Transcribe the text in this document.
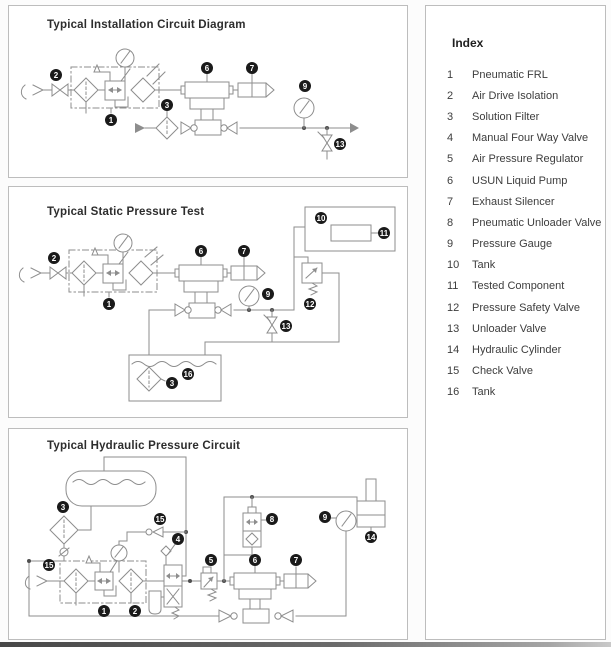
Typical Installation Circuit Diagram
2
1
3
6	7
9
13
Typical Static Pressure Test
2
1
6	7
9
10
11
12
13
16
3
Typical Hydraulic Pressure Circuit
3
15
15
4
1	2
5	6	7
8	9
14
Index
1	Pneumatic FRL
2	Air Drive Isolation
3	Solution Filter
4	Manual Four Way Valve
5	Air Pressure Regulator
6	USUN Liquid Pump
7	Exhaust Silencer
8	Pneumatic Unloader Valve
9	Pressure Gauge
10	Tank
11	Tested Component
12	Pressure Safety Valve
13	Unloader Valve
14	Hydraulic Cylinder
15	Check Valve
16	Tank
